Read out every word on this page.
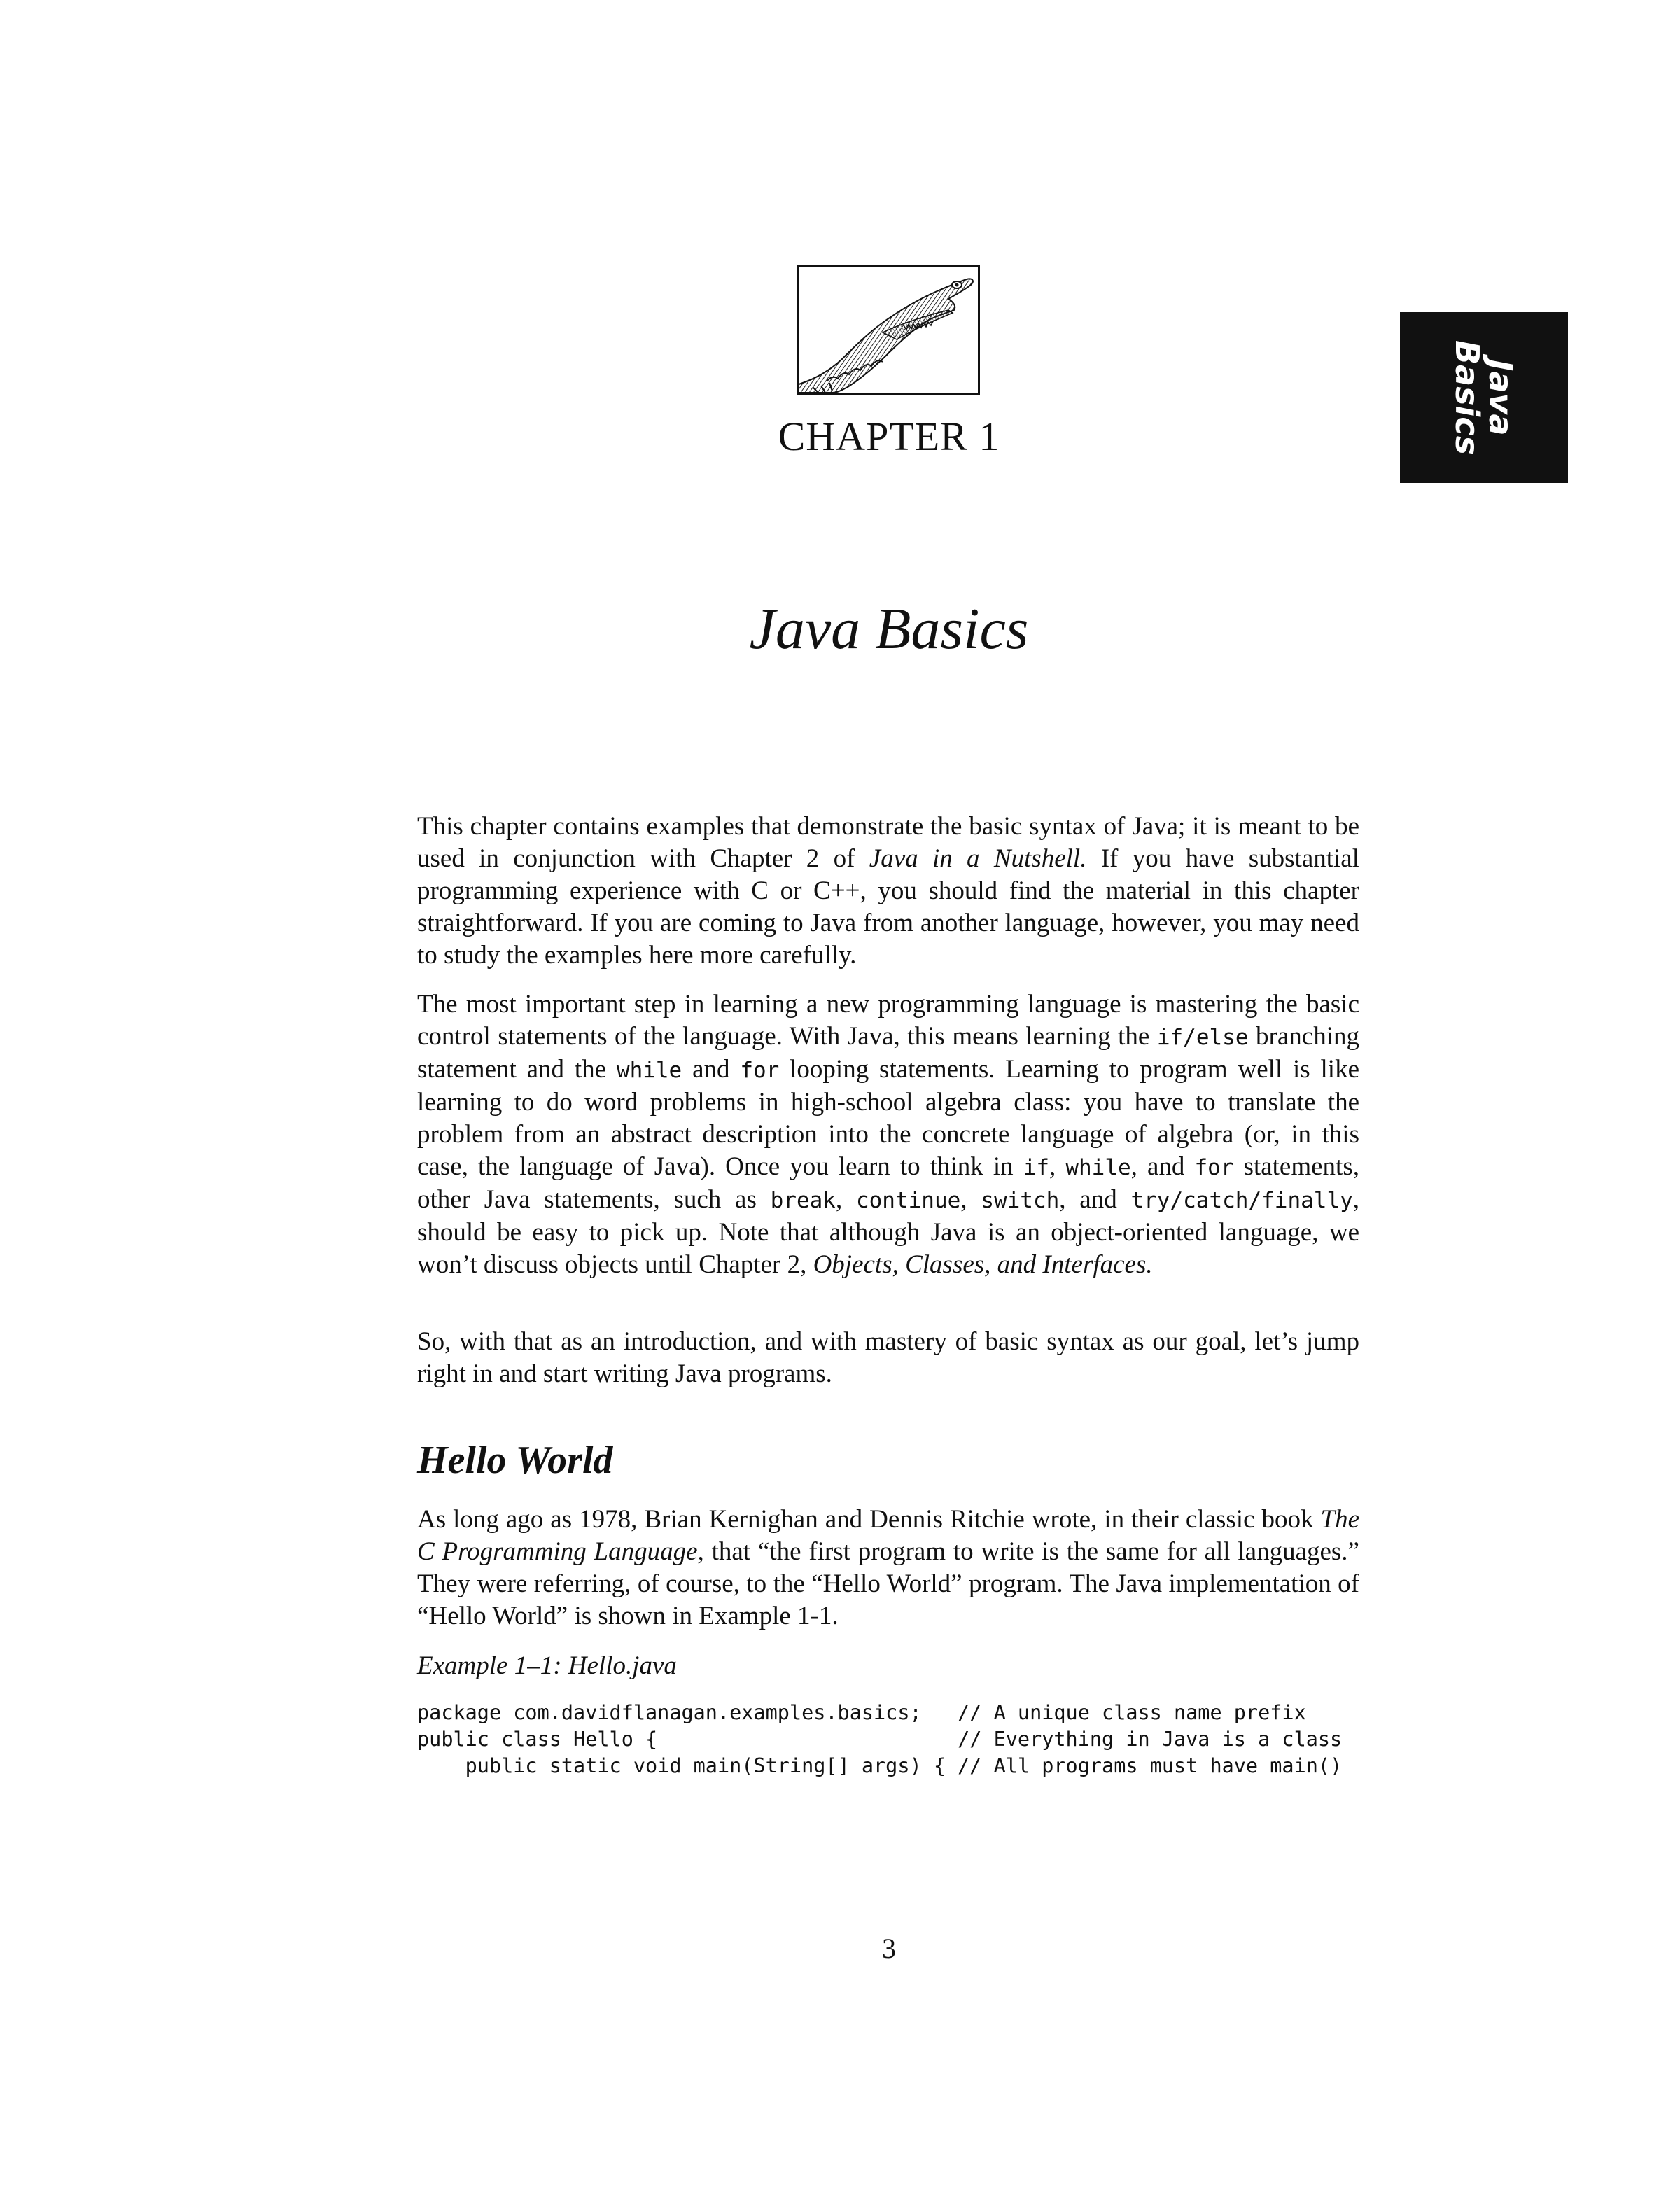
Java
Basics
CHAPTER 1
Java Basics

This chapter contains examples that demonstrate the basic syntax of Java; it is meant to be used in conjunction with Chapter 2 of Java in a Nutshell. If you have substantial programming experience with C or C++, you should find the material in this chapter straightforward. If you are coming to Java from another language, however, you may need to study the examples here more carefully.

The most important step in learning a new programming language is mastering the basic control statements of the language. With Java, this means learning the if/else branching statement and the while and for looping statements. Learning to program well is like learning to do word problems in high-school algebra class: you have to translate the problem from an abstract description into the concrete language of algebra (or, in this case, the language of Java). Once you learn to think in if, while, and for statements, other Java statements, such as break, continue, switch, and try/catch/finally, should be easy to pick up. Note that although Java is an object-oriented language, we won’t discuss objects until Chapter 2, Objects, Classes, and Interfaces.

So, with that as an introduction, and with mastery of basic syntax as our goal, let’s jump right in and start writing Java programs.

Hello World

As long ago as 1978, Brian Kernighan and Dennis Ritchie wrote, in their classic book The C Programming Language, that “the first program to write is the same for all languages.” They were referring, of course, to the “Hello World” program. The Java implementation of “Hello World” is shown in Example 1-1.

Example 1–1: Hello.java
package com.davidflanagan.examples.basics;   // A unique class name prefix
public class Hello {                         // Everything in Java is a class
public static void main(String[] args) { // All programs must have main()
3
